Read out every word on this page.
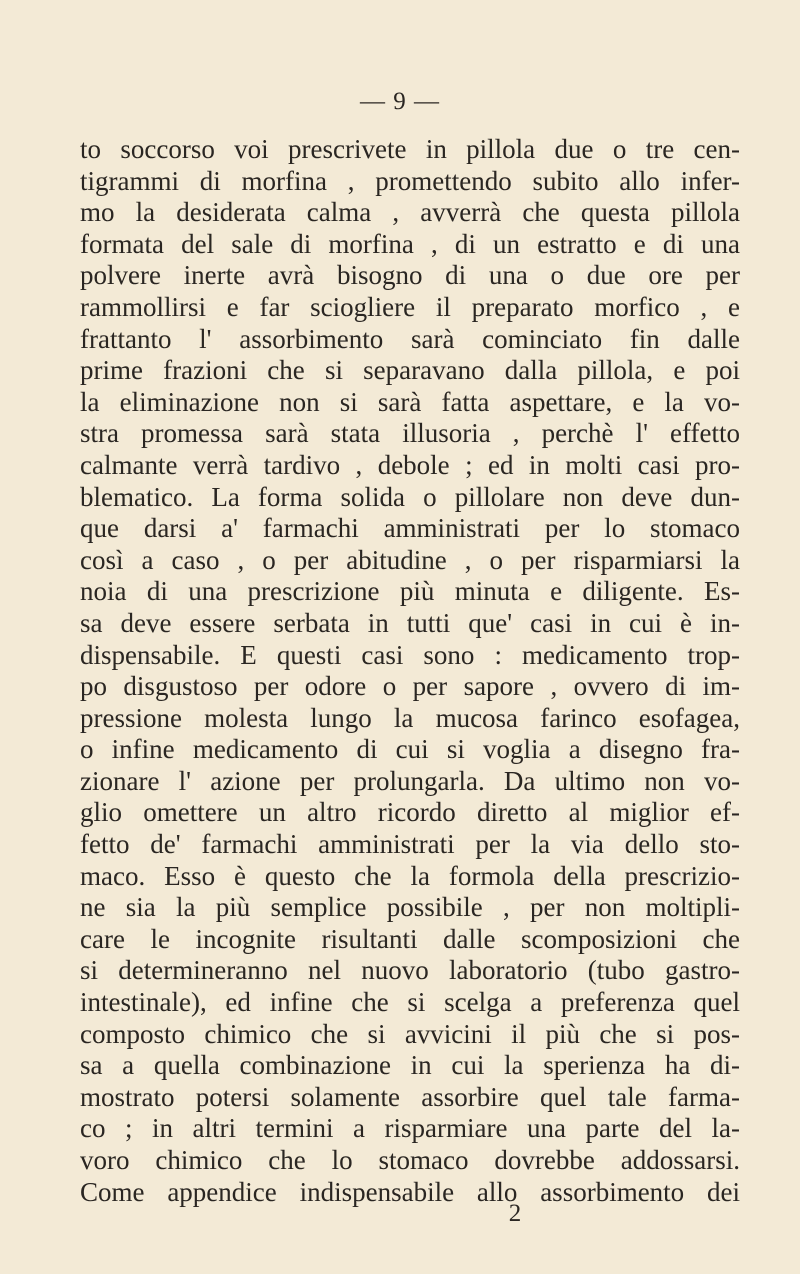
— 9 —
to soccorso voi prescrivete in pillola due o tre cen-
tigrammi di morfina , promettendo subito allo infer-
mo la desiderata calma , avverrà che questa pillola
formata del sale di morfina , di un estratto e di una
polvere inerte avrà bisogno di una o due ore per
rammollirsi e far sciogliere il preparato morfico , e
frattanto l' assorbimento sarà cominciato fin dalle
prime frazioni che si separavano dalla pillola, e poi
la eliminazione non si sarà fatta aspettare, e la vo-
stra promessa sarà stata illusoria , perchè l' effetto
calmante verrà tardivo , debole ; ed in molti casi pro-
blematico. La forma solida o pillolare non deve dun-
que darsi a' farmachi amministrati per lo stomaco
così a caso , o per abitudine , o per risparmiarsi la
noia di una prescrizione più minuta e diligente. Es-
sa deve essere serbata in tutti que' casi in cui è in-
dispensabile. E questi casi sono : medicamento trop-
po disgustoso per odore o per sapore , ovvero di im-
pressione molesta lungo la mucosa farinco esofagea,
o infine medicamento di cui si voglia a disegno fra-
zionare l' azione per prolungarla. Da ultimo non vo-
glio omettere un altro ricordo diretto al miglior ef-
fetto de' farmachi amministrati per la via dello sto-
maco. Esso è questo che la formola della prescrizio-
ne sia la più semplice possibile , per non moltipli-
care le incognite risultanti dalle scomposizioni che
si determineranno nel nuovo laboratorio (tubo gastro-
intestinale), ed infine che si scelga a preferenza quel
composto chimico che si avvicini il più che si pos-
sa a quella combinazione in cui la sperienza ha di-
mostrato potersi solamente assorbire quel tale farma-
co ; in altri termini a risparmiare una parte del la-
voro chimico che lo stomaco dovrebbe addossarsi.
Come appendice indispensabile allo assorbimento dei
2
